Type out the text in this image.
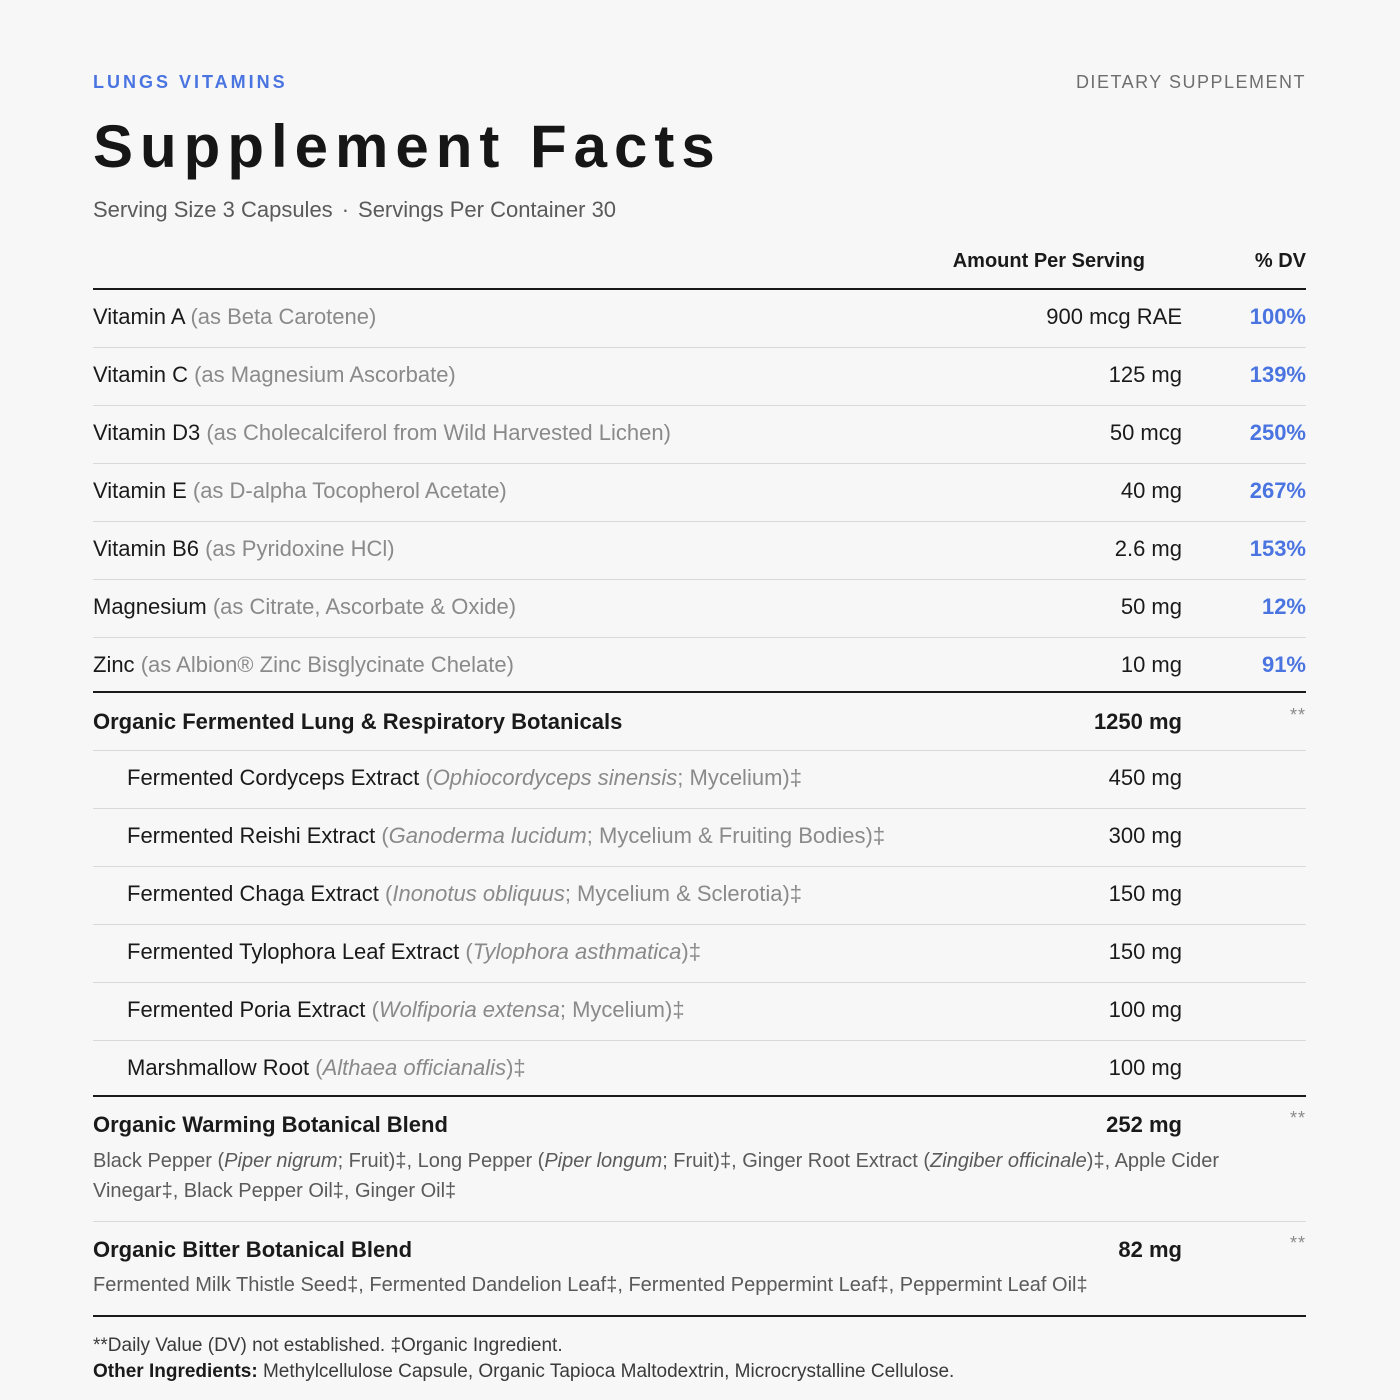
LUNGS VITAMINS	DIETARY SUPPLEMENT
Supplement Facts
Serving Size 3 Capsules · Servings Per Container 30
Amount Per Serving	% DV
Vitamin A (as Beta Carotene)	900 mcg RAE	100%
Vitamin C (as Magnesium Ascorbate)	125 mg	139%
Vitamin D3 (as Cholecalciferol from Wild Harvested Lichen)	50 mcg	250%
Vitamin E (as D-alpha Tocopherol Acetate)	40 mg	267%
Vitamin B6 (as Pyridoxine HCl)	2.6 mg	153%
Magnesium (as Citrate, Ascorbate & Oxide)	50 mg	12%
Zinc (as Albion® Zinc Bisglycinate Chelate)	10 mg	91%
Organic Fermented Lung & Respiratory Botanicals	1250 mg	**
Fermented Cordyceps Extract (Ophiocordyceps sinensis; Mycelium)‡	450 mg
Fermented Reishi Extract (Ganoderma lucidum; Mycelium & Fruiting Bodies)‡	300 mg
Fermented Chaga Extract (Inonotus obliquus; Mycelium & Sclerotia)‡	150 mg
Fermented Tylophora Leaf Extract (Tylophora asthmatica)‡	150 mg
Fermented Poria Extract (Wolfiporia extensa; Mycelium)‡	100 mg
Marshmallow Root (Althaea officianalis)‡	100 mg
Organic Warming Botanical Blend	252 mg	**
Black Pepper (Piper nigrum; Fruit)‡, Long Pepper (Piper longum; Fruit)‡, Ginger Root Extract (Zingiber officinale)‡, Apple Cider Vinegar‡, Black Pepper Oil‡, Ginger Oil‡
Organic Bitter Botanical Blend	82 mg	**
Fermented Milk Thistle Seed‡, Fermented Dandelion Leaf‡, Fermented Peppermint Leaf‡, Peppermint Leaf Oil‡
**Daily Value (DV) not established. ‡Organic Ingredient.
Other Ingredients: Methylcellulose Capsule, Organic Tapioca Maltodextrin, Microcrystalline Cellulose.
